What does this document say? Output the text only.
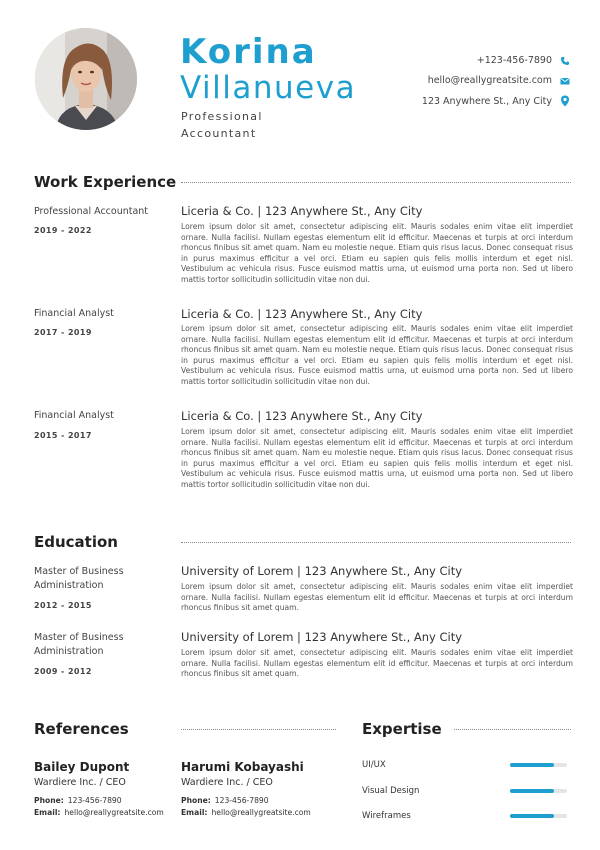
Korina
Villanueva
Professional Accountant
+123-456-7890
hello@reallygreatsite.com
123 Anywhere St., Any City
Work Experience
Professional Accountant
2019 - 2022
Liceria & Co. | 123 Anywhere St., Any City
Lorem ipsum dolor sit amet, consectetur adipiscing elit. Mauris sodales enim vitae elit imperdiet ornare. Nulla facilisi. Nullam egestas elementum elit id efficitur. Maecenas et turpis at orci interdum rhoncus finibus sit amet quam. Nam eu molestie neque. Etiam quis risus lacus. Donec consequat risus in purus maximus efficitur a vel orci. Etiam eu sapien quis felis mollis interdum et eget nisl. Vestibulum ac vehicula risus. Fusce euismod mattis urna, ut euismod urna porta non. Sed ut libero mattis tortor sollicitudin sollicitudin vitae non dui.
Financial Analyst
2017 - 2019
Liceria & Co. | 123 Anywhere St., Any City
Lorem ipsum dolor sit amet, consectetur adipiscing elit. Mauris sodales enim vitae elit imperdiet ornare. Nulla facilisi. Nullam egestas elementum elit id efficitur. Maecenas et turpis at orci interdum rhoncus finibus sit amet quam. Nam eu molestie neque. Etiam quis risus lacus. Donec consequat risus in purus maximus efficitur a vel orci. Etiam eu sapien quis felis mollis interdum et eget nisl. Vestibulum ac vehicula risus. Fusce euismod mattis urna, ut euismod urna porta non. Sed ut libero mattis tortor sollicitudin sollicitudin vitae non dui.
Financial Analyst
2015 - 2017
Liceria & Co. | 123 Anywhere St., Any City
Lorem ipsum dolor sit amet, consectetur adipiscing elit. Mauris sodales enim vitae elit imperdiet ornare. Nulla facilisi. Nullam egestas elementum elit id efficitur. Maecenas et turpis at orci interdum rhoncus finibus sit amet quam. Nam eu molestie neque. Etiam quis risus lacus. Donec consequat risus in purus maximus efficitur a vel orci. Etiam eu sapien quis felis mollis interdum et eget nisl. Vestibulum ac vehicula risus. Fusce euismod mattis urna, ut euismod urna porta non. Sed ut libero mattis tortor sollicitudin sollicitudin vitae non dui.
Education
Master of Business Administration
2012 - 2015
University of Lorem | 123 Anywhere St., Any City
Lorem ipsum dolor sit amet, consectetur adipiscing elit. Mauris sodales enim vitae elit imperdiet ornare. Nulla facilisi. Nullam egestas elementum elit id efficitur. Maecenas et turpis at orci interdum rhoncus finibus sit amet quam.
Master of Business Administration
2009 - 2012
University of Lorem | 123 Anywhere St., Any City
Lorem ipsum dolor sit amet, consectetur adipiscing elit. Mauris sodales enim vitae elit imperdiet ornare. Nulla facilisi. Nullam egestas elementum elit id efficitur. Maecenas et turpis at orci interdum rhoncus finibus sit amet quam.
References
Bailey Dupont
Wardiere Inc. / CEO
Phone: 123-456-7890
Email: hello@reallygreatsite.com
Harumi Kobayashi
Wardiere Inc. / CEO
Phone: 123-456-7890
Email: hello@reallygreatsite.com
Expertise
UI/UX
Visual Design
Wireframes
